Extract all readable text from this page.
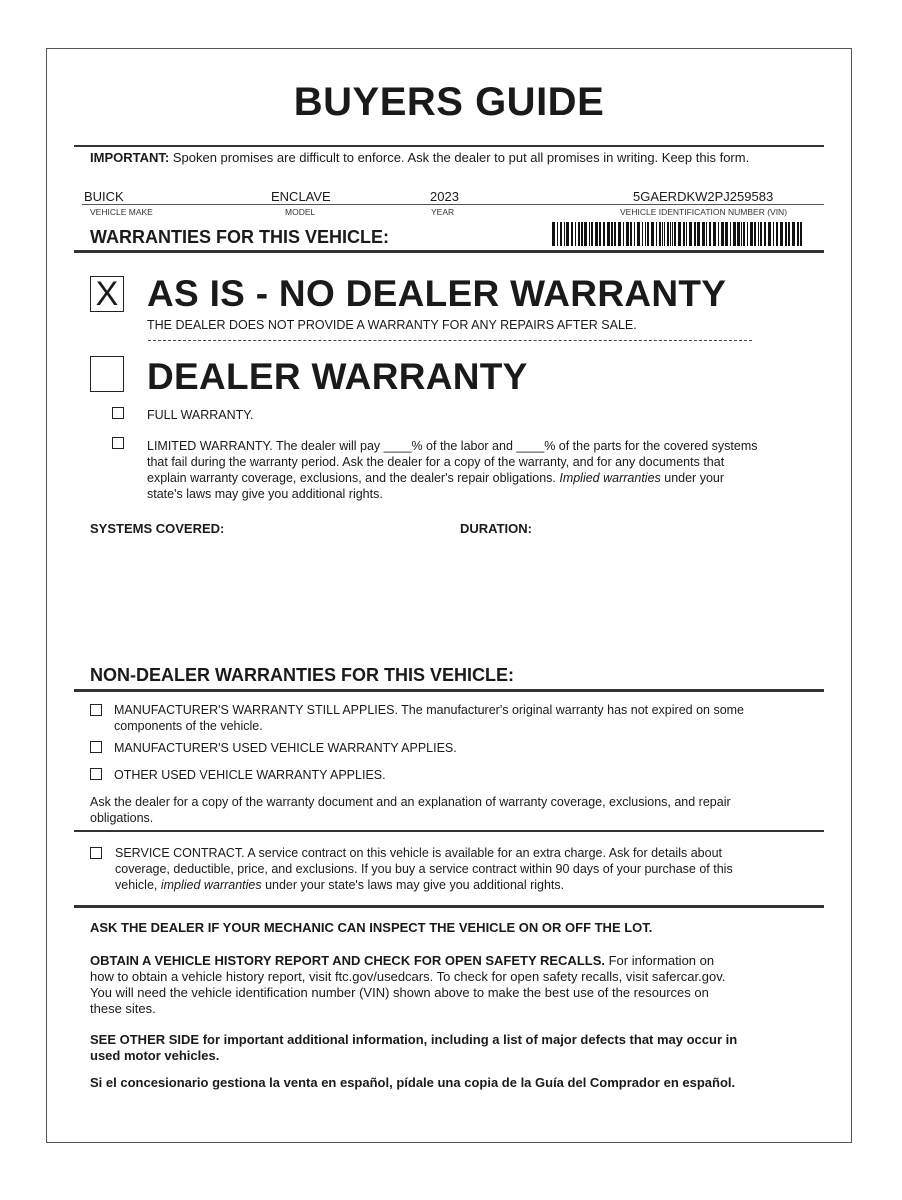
BUYERS GUIDE
IMPORTANT: Spoken promises are difficult to enforce. Ask the dealer to put all promises in writing. Keep this form.
BUICK	ENCLAVE	2023	5GAERDKW2PJ259583
VEHICLE MAKE	MODEL	YEAR	VEHICLE IDENTIFICATION NUMBER (VIN)
WARRANTIES FOR THIS VEHICLE:
X AS IS - NO DEALER WARRANTY
THE DEALER DOES NOT PROVIDE A WARRANTY FOR ANY REPAIRS AFTER SALE.
DEALER WARRANTY
FULL WARRANTY.
LIMITED WARRANTY. The dealer will pay ____% of the labor and ____% of the parts for the covered systems
that fail during the warranty period. Ask the dealer for a copy of the warranty, and for any documents that
explain warranty coverage, exclusions, and the dealer's repair obligations. Implied warranties under your
state's laws may give you additional rights.
SYSTEMS COVERED:	DURATION:
NON-DEALER WARRANTIES FOR THIS VEHICLE:
MANUFACTURER'S WARRANTY STILL APPLIES. The manufacturer's original warranty has not expired on some
components of the vehicle.
MANUFACTURER'S USED VEHICLE WARRANTY APPLIES.
OTHER USED VEHICLE WARRANTY APPLIES.
Ask the dealer for a copy of the warranty document and an explanation of warranty coverage, exclusions, and repair
obligations.
SERVICE CONTRACT. A service contract on this vehicle is available for an extra charge. Ask for details about
coverage, deductible, price, and exclusions. If you buy a service contract within 90 days of your purchase of this
vehicle, implied warranties under your state's laws may give you additional rights.
ASK THE DEALER IF YOUR MECHANIC CAN INSPECT THE VEHICLE ON OR OFF THE LOT.
OBTAIN A VEHICLE HISTORY REPORT AND CHECK FOR OPEN SAFETY RECALLS. For information on
how to obtain a vehicle history report, visit ftc.gov/usedcars. To check for open safety recalls, visit safercar.gov.
You will need the vehicle identification number (VIN) shown above to make the best use of the resources on
these sites.
SEE OTHER SIDE for important additional information, including a list of major defects that may occur in
used motor vehicles.
Si el concesionario gestiona la venta en español, pídale una copia de la Guía del Comprador en español.
